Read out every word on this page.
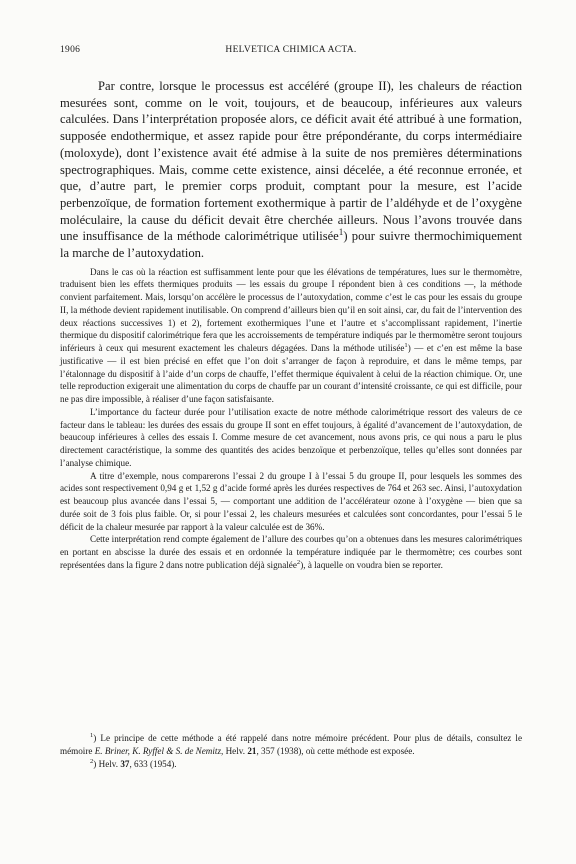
1906	HELVETICA CHIMICA ACTA.

Par contre, lorsque le processus est accéléré (groupe II), les chaleurs de réaction mesurées sont, comme on le voit, toujours, et de beaucoup, inférieures aux valeurs calculées. Dans l’interprétation proposée alors, ce déficit avait été attribué à une formation, supposée endothermique, et assez rapide pour être prépondérante, du corps intermédiaire (moloxyde), dont l’existence avait été admise à la suite de nos premières déterminations spectrographiques. Mais, comme cette existence, ainsi décelée, a été reconnue erronée, et que, d’autre part, le premier corps produit, comptant pour la mesure, est l’acide perbenzoïque, de formation fortement exothermique à partir de l’aldéhyde et de l’oxygène moléculaire, la cause du déficit devait être cherchée ailleurs. Nous l’avons trouvée dans une insuffisance de la méthode calorimétrique utilisée$^1$) pour suivre thermochimiquement la marche de l’autoxydation.

Dans le cas où la réaction est suffisamment lente pour que les élévations de températures, lues sur le thermomètre, traduisent bien les effets thermiques produits — les essais du groupe I répondent bien à ces conditions —, la méthode convient parfaitement. Mais, lorsqu’on accélère le processus de l’autoxydation, comme c’est le cas pour les essais du groupe II, la méthode devient rapidement inutilisable. On comprend d’ailleurs bien qu’il en soit ainsi, car, du fait de l’intervention des deux réactions successives 1) et 2), fortement exothermiques l’une et l’autre et s’accomplissant rapidement, l’inertie thermique du dispositif calorimétrique fera que les accroissements de température indiqués par le thermomètre seront toujours inférieurs à ceux qui mesurent exactement les chaleurs dégagées. Dans la méthode utilisée$^1$) — et c’en est même la base justificative — il est bien précisé en effet que l’on doit s’arranger de façon à reproduire, et dans le même temps, par l’étalonnage du dispositif à l’aide d’un corps de chauffe, l’effet thermique équivalent à celui de la réaction chimique. Or, une telle reproduction exigerait une alimentation du corps de chauffe par un courant d’intensité croissante, ce qui est difficile, pour ne pas dire impossible, à réaliser d’une façon satisfaisante.

L’importance du facteur durée pour l’utilisation exacte de notre méthode calorimétrique ressort des valeurs de ce facteur dans le tableau: les durées des essais du groupe II sont en effet toujours, à égalité d’avancement de l’autoxydation, de beaucoup inférieures à celles des essais I. Comme mesure de cet avancement, nous avons pris, ce qui nous a paru le plus directement caractéristique, la somme des quantités des acides benzoïque et perbenzoïque, telles qu’elles sont données par l’analyse chimique.

A titre d’exemple, nous comparerons l’essai 2 du groupe I à l’essai 5 du groupe II, pour lesquels les sommes des acides sont respectivement 0,94 g et 1,52 g d’acide formé après les durées respectives de 764 et 263 sec. Ainsi, l’autoxydation est beaucoup plus avancée dans l’essai 5, — comportant une addition de l’accélérateur ozone à l’oxygène — bien que sa durée soit de 3 fois plus faible. Or, si pour l’essai 2, les chaleurs mesurées et calculées sont concordantes, pour l’essai 5 le déficit de la chaleur mesurée par rapport à la valeur calculée est de 36%.

Cette interprétation rend compte également de l’allure des courbes qu’on a obtenues dans les mesures calorimétriques en portant en abscisse la durée des essais et en ordonnée la température indiquée par le thermomètre; ces courbes sont représentées dans la figure 2 dans notre publication déjà signalée$^2$), à laquelle on voudra bien se reporter.

$^1$) Le principe de cette méthode a été rappelé dans notre mémoire précédent. Pour plus de détails, consultez le mémoire E. Briner, K. Ryffel & S. de Nemitz, Helv. 21, 357 (1938), où cette méthode est exposée.

$^2$) Helv. 37, 633 (1954).
